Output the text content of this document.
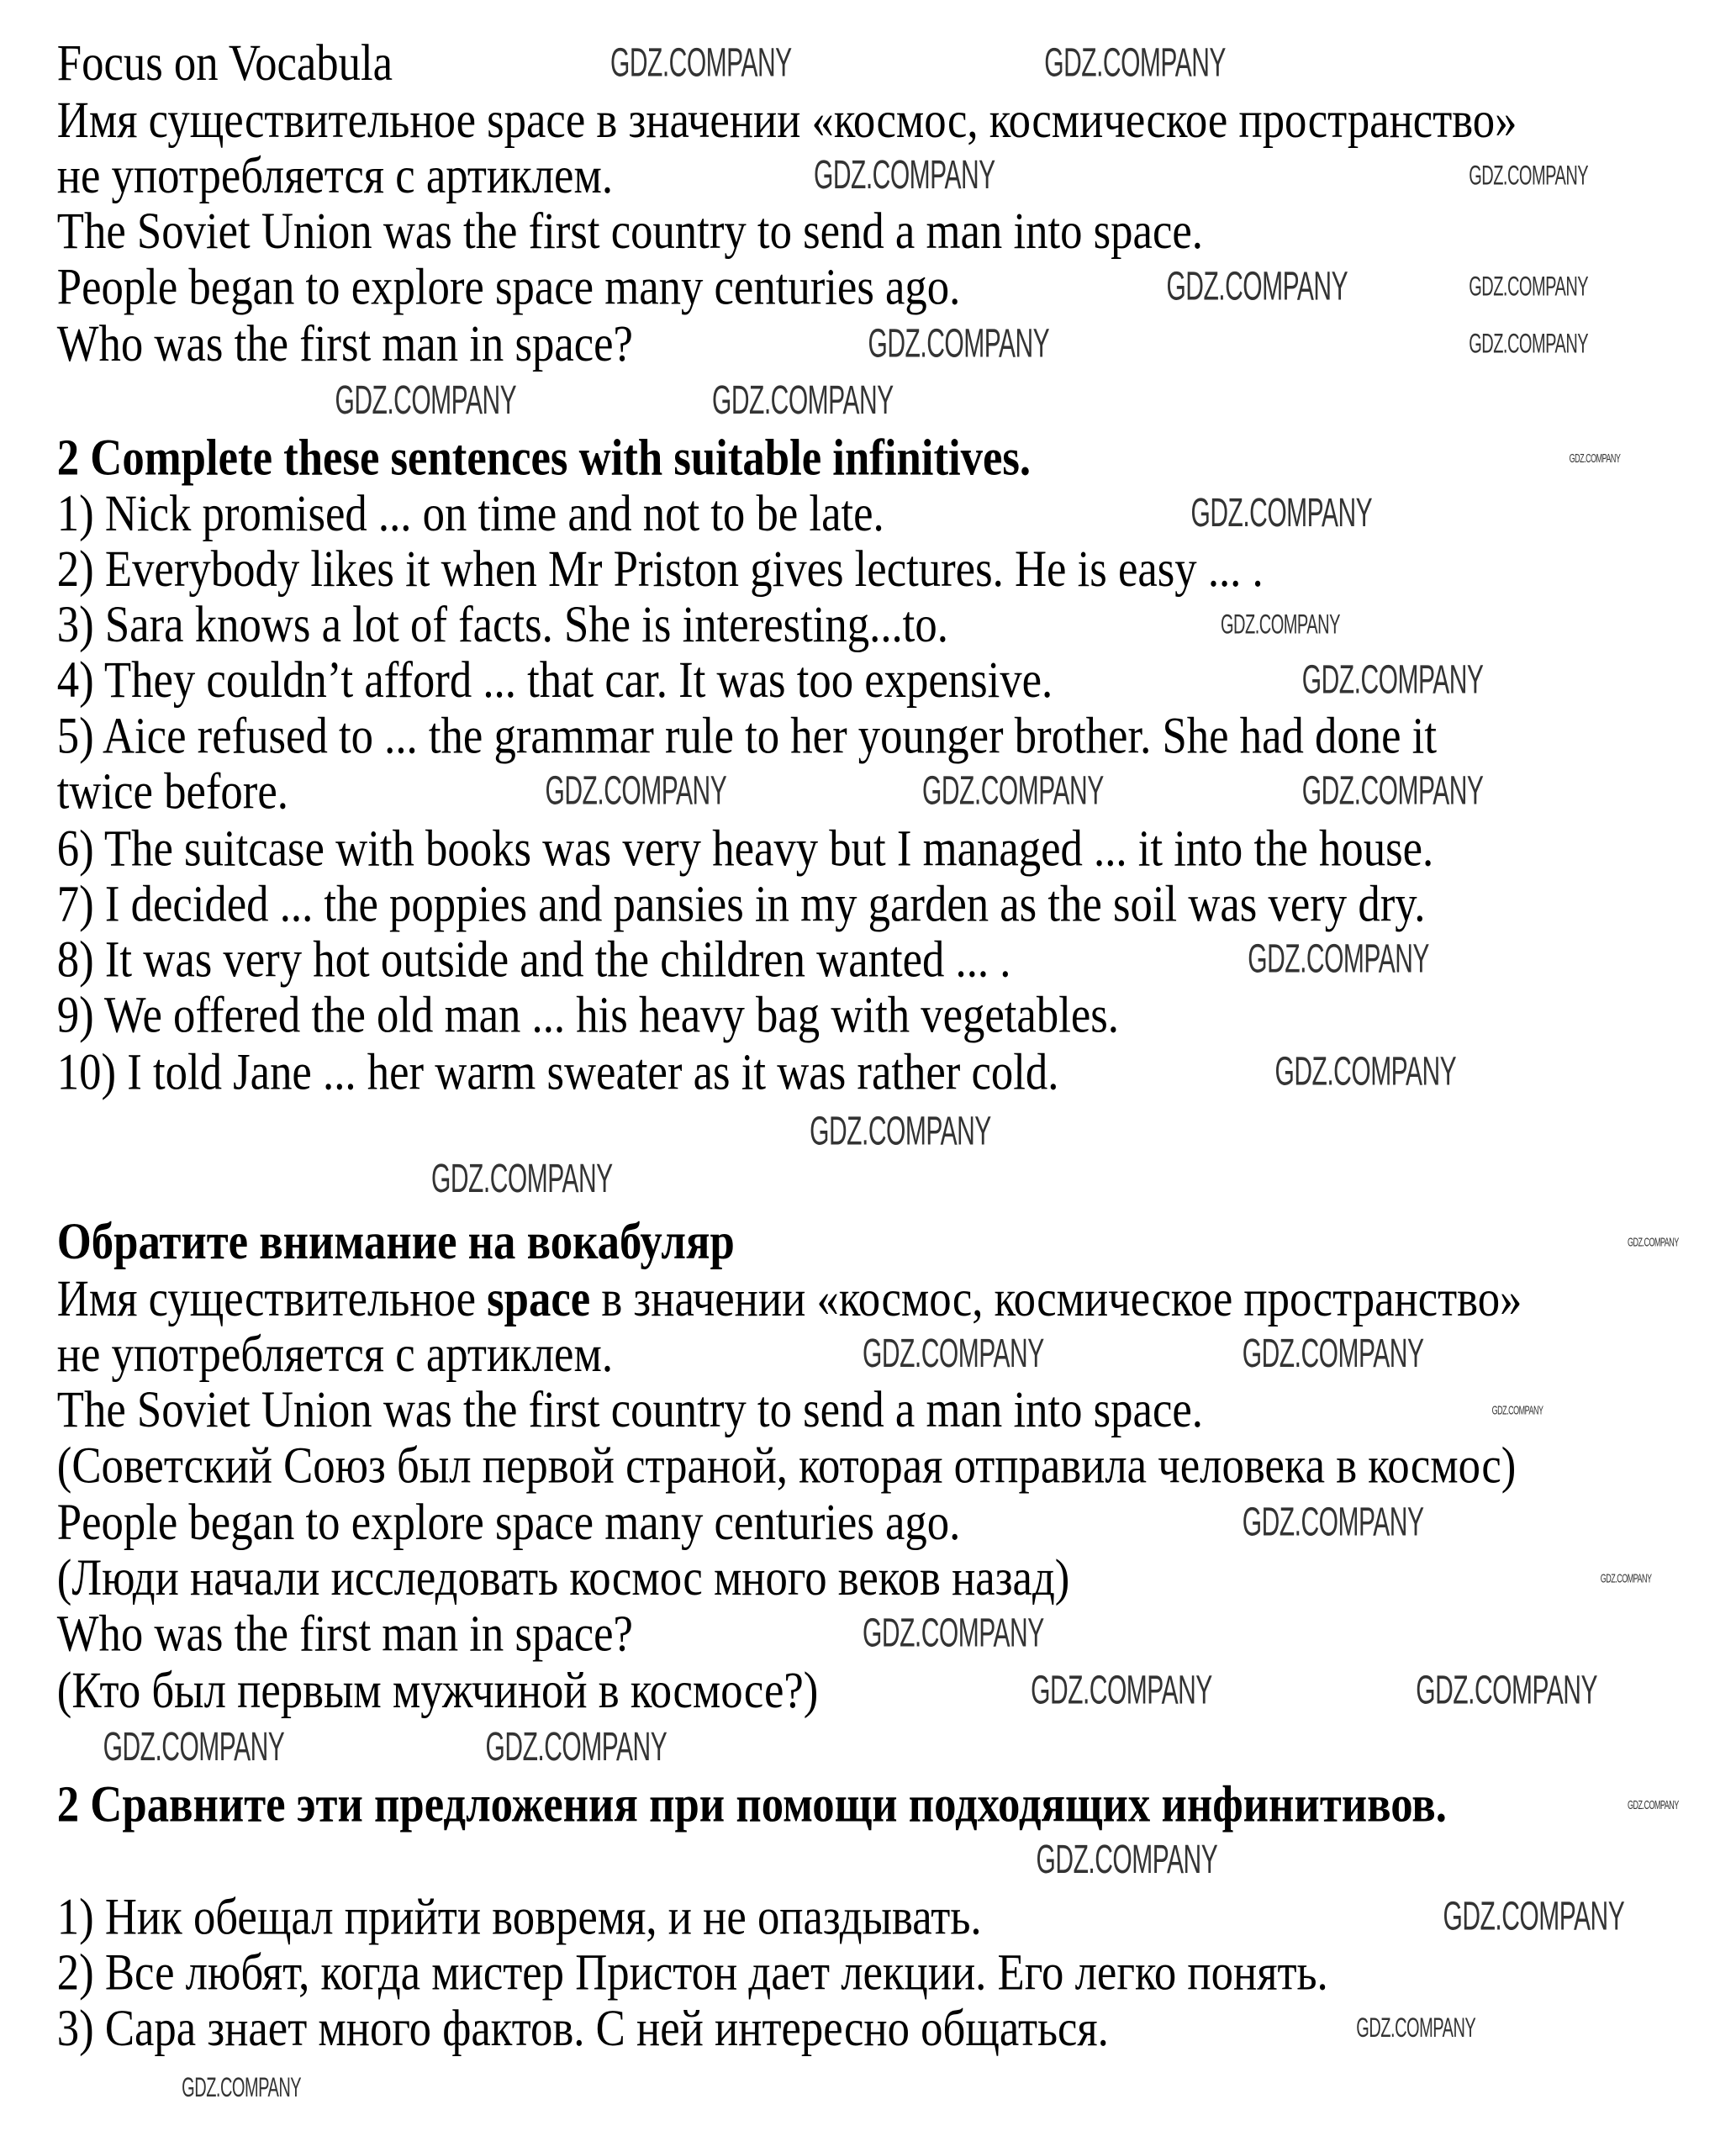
Focus on Vocabula
Имя существительное space в значении «космос, космическое пространство»
не употребляется с артиклем.
The Soviet Union was the first country to send a man into space.
People began to explore space many centuries ago.
Who was the first man in space?
2 Complete these sentences with suitable infinitives.
1) Nick promised ... on time and not to be late.
2) Everybody likes it when Mr Priston gives lectures. He is easy ... .
3) Sara knows a lot of facts. She is interesting...to.
4) They couldn’t afford ... that car. It was too expensive.
5) Aice refused to ... the grammar rule to her younger brother. She had done it
twice before.
6) The suitcase with books was very heavy but I managed ... it into the house.
7) I decided ... the poppies and pansies in my garden as the soil was very dry.
8) It was very hot outside and the children wanted ... .
9) We offered the old man ... his heavy bag with vegetables.
10) I told Jane ... her warm sweater as it was rather cold.
Обратите внимание на вокабуляр
Имя существительное space в значении «космос, космическое пространство»
не употребляется с артиклем.
The Soviet Union was the first country to send a man into space.
(Советский Союз был первой страной, которая отправила человека в космос)
People began to explore space many centuries ago.
(Люди начали исследовать космос много веков назад)
Who was the first man in space?
(Кто был первым мужчиной в космосе?)
2 Сравните эти предложения при помощи подходящих инфинитивов.
1) Ник обещал прийти вовремя, и не опаздывать.
2) Все любят, когда мистер Пристон дает лекции. Его легко понять.
3) Сара знает много фактов. С ней интересно общаться.
GDZ.COMPANY	GDZ.COMPANY
GDZ.COMPANY	GDZ.COMPANY
GDZ.COMPANY	GDZ.COMPANY
GDZ.COMPANY	GDZ.COMPANY
GDZ.COMPANY	GDZ.COMPANY
GDZ.COMPANY
GDZ.COMPANY
GDZ.COMPANY
GDZ.COMPANY
GDZ.COMPANY	GDZ.COMPANY	GDZ.COMPANY
GDZ.COMPANY
GDZ.COMPANY
GDZ.COMPANY
GDZ.COMPANY
GDZ.COMPANY
GDZ.COMPANY	GDZ.COMPANY
GDZ.COMPANY
GDZ.COMPANY
GDZ.COMPANY
GDZ.COMPANY
GDZ.COMPANY	GDZ.COMPANY
GDZ.COMPANY	GDZ.COMPANY
GDZ.COMPANY
GDZ.COMPANY
GDZ.COMPANY
GDZ.COMPANY
GDZ.COMPANY
